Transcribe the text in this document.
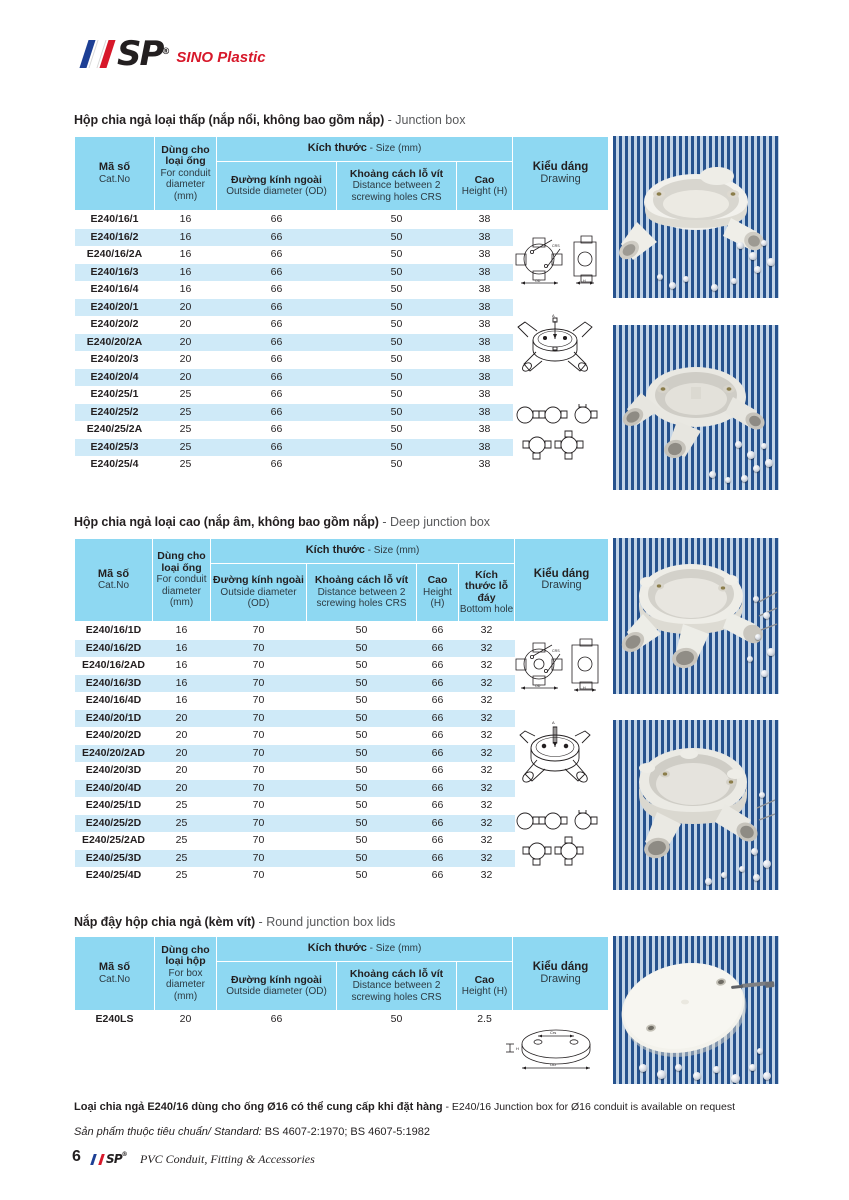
SP ® SINO Plastic
Hộp chia ngả loại thấp (nắp nổi, không bao gồm nắp) - Junction box
Mã số
Cat.No	Dùng cho loại ống
For conduit diameter (mm)	Kích thước - Size (mm)			Kiểu dáng
Drawing

		Đường kính ngoài
Outside diameter (OD)	Khoảng cách lỗ vít
Distance between 2 screwing holes CRS	Cao
Height (H)	

E240/16/1	16	66	50	38	
E240/16/2	16	66	50	38	
E240/16/2A	16	66	50	38	
E240/16/3	16	66	50	38	
E240/16/4	16	66	50	38	
E240/20/1	20	66	50	38	
E240/20/2	20	66	50	38	
E240/20/2A	20	66	50	38	
E240/20/3	20	66	50	38	
E240/20/4	20	66	50	38	
E240/25/1	25	66	50	38	
E240/25/2	25	66	50	38	
E240/25/2A	25	66	50	38	
E240/25/3	25	66	50	38	
E240/25/4	25	66	50	38	
CRS
OD	H
A
Hộp chia ngả loại cao (nắp âm, không bao gồm nắp) - Deep junction box
Mã số
Cat.No	Dùng cho loại ống
For conduit diameter (mm)	Kích thước - Size (mm)				Kiểu dáng
Drawing

		Đường kính ngoài
Outside diameter (OD)	Khoảng cách lỗ vít
Distance between 2 screwing holes CRS	Cao
Height (H)	Kích thước lỗ đáy
Bottom hole	

E240/16/1D	16	70	50	66	32	
E240/16/2D	16	70	50	66	32	
E240/16/2AD	16	70	50	66	32	
E240/16/3D	16	70	50	66	32	
E240/16/4D	16	70	50	66	32	
E240/20/1D	20	70	50	66	32	
E240/20/2D	20	70	50	66	32	
E240/20/2AD	20	70	50	66	32	
E240/20/3D	20	70	50	66	32	
E240/20/4D	20	70	50	66	32	
E240/25/1D	25	70	50	66	32	
E240/25/2D	25	70	50	66	32	
E240/25/2AD	25	70	50	66	32	
E240/25/3D	25	70	50	66	32	
E240/25/4D	25	70	50	66	32	
CRS
OD	H
A
Nắp đậy hộp chia ngả (kèm vít) - Round junction box lids
Mã số
Cat.No	Dùng cho loại hộp
For box diameter (mm)	Kích thước - Size (mm)			Kiểu dáng
Drawing

		Đường kính ngoài
Outside diameter (OD)	Khoảng cách lỗ vít
Distance between 2 screwing holes CRS	Cao
Height (H)	

E240LS	20	66	50	2.5	
Crs
H
OD
Loại chia ngả E240/16 dùng cho ống Ø16 có thể cung cấp khi đặt hàng - E240/16 Junction box for Ø16 conduit is available on request
Sản phẩm thuộc tiêu chuẩn/ Standard: BS 4607-2:1970; BS 4607-5:1982
6 SP ® PVC Conduit, Fitting & Accessories
